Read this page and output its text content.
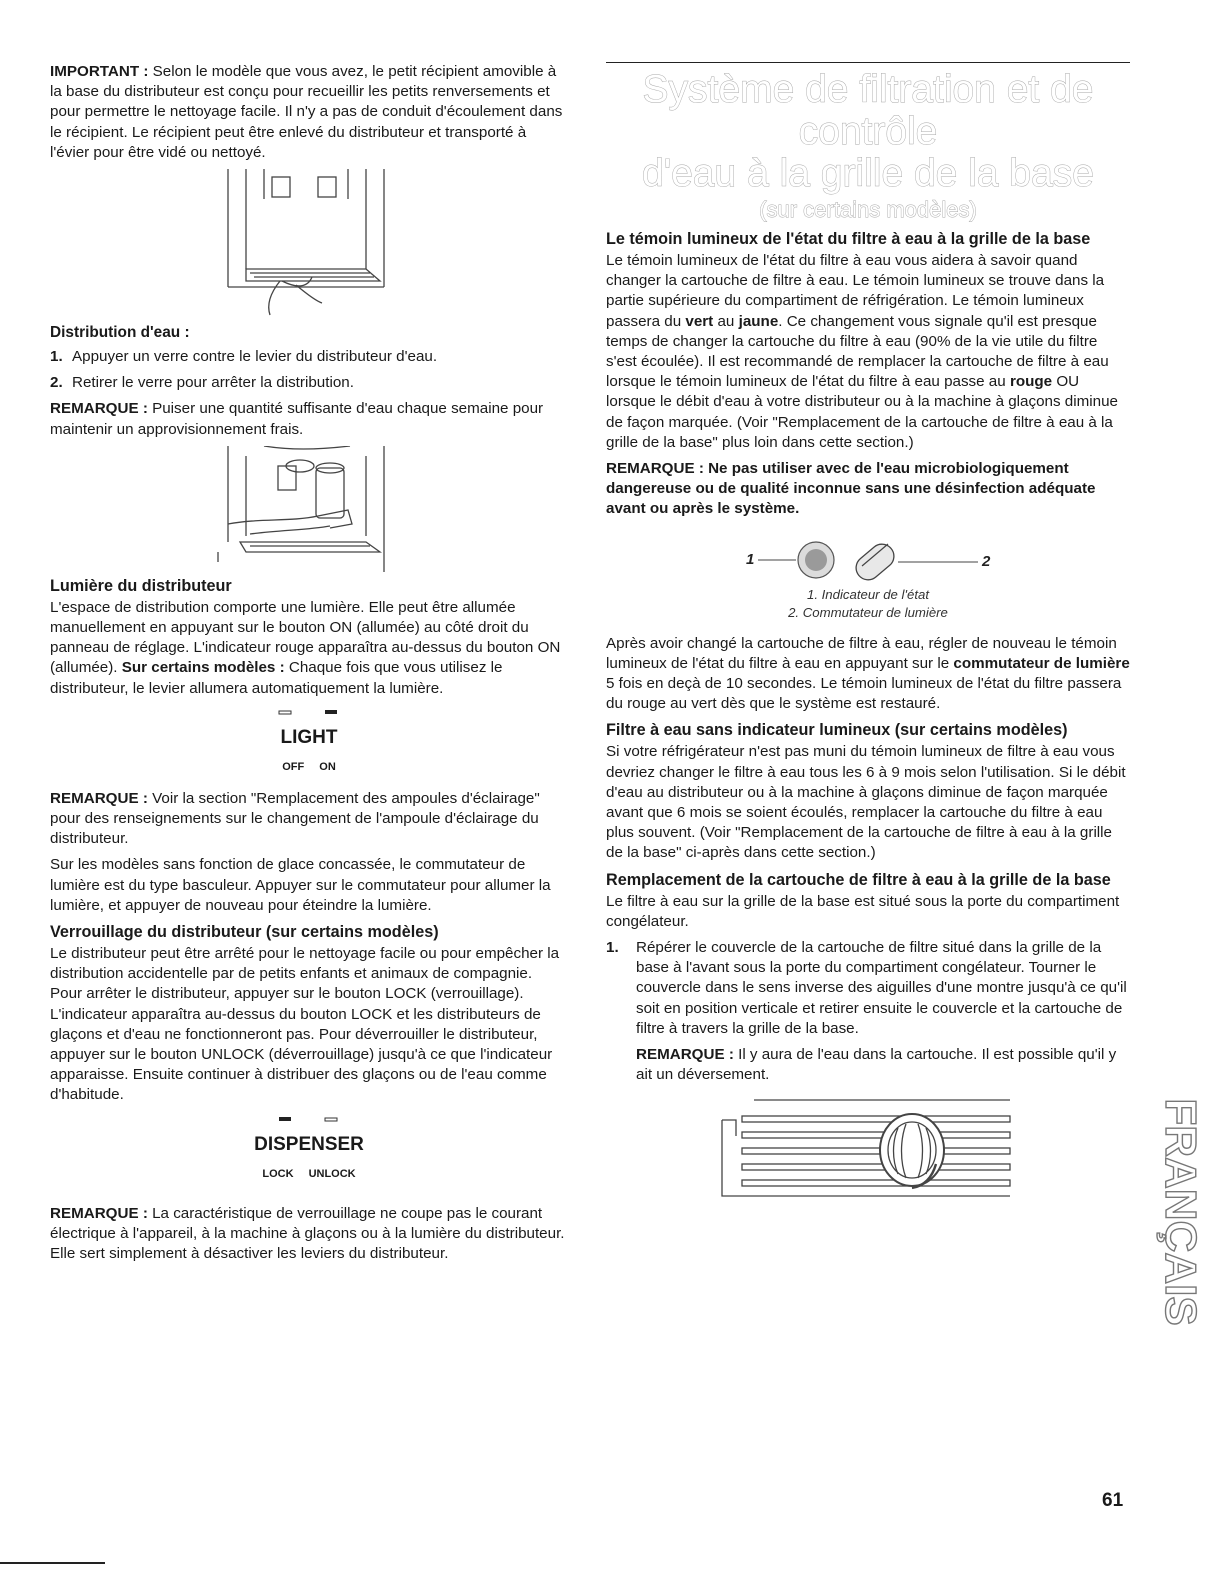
IMPORTANT : Selon le modèle que vous avez, le petit récipient amovible à la base du distributeur est conçu pour recueillir les petits renversements et pour permettre le nettoyage facile. Il n'y a pas de conduit d'écoulement dans le récipient. Le récipient peut être enlevé du distributeur et transporté à l'évier pour être vidé ou nettoyé.

Distribution d'eau :
1. Appuyer un verre contre le levier du distributeur d'eau.
2. Retirer le verre pour arrêter la distribution.

REMARQUE : Puiser une quantité suffisante d'eau chaque semaine pour maintenir un approvisionnement frais.

Lumière du distributeur

L'espace de distribution comporte une lumière. Elle peut être allumée manuellement en appuyant sur le bouton ON (allumée) au côté droit du panneau de réglage. L'indicateur rouge apparaîtra au-dessus du bouton ON (allumée). Sur certains modèles : Chaque fois que vous utilisez le distributeur, le levier allumera automatiquement la lumière.

LIGHT
OFF ON

REMARQUE : Voir la section "Remplacement des ampoules d'éclairage" pour des renseignements sur le changement de l'ampoule d'éclairage du distributeur.

Sur les modèles sans fonction de glace concassée, le commutateur de lumière est du type basculeur. Appuyer sur le commutateur pour allumer la lumière, et appuyer de nouveau pour éteindre la lumière.

Verrouillage du distributeur (sur certains modèles)

Le distributeur peut être arrêté pour le nettoyage facile ou pour empêcher la distribution accidentelle par de petits enfants et animaux de compagnie. Pour arrêter le distributeur, appuyer sur le bouton LOCK (verrouillage). L'indicateur apparaîtra au-dessus du bouton LOCK et les distributeurs de glaçons et d'eau ne fonctionneront pas. Pour déverrouiller le distributeur, appuyer sur le bouton UNLOCK (déverrouillage) jusqu'à ce que l'indicateur apparaisse. Ensuite continuer à distribuer des glaçons ou de l'eau comme d'habitude.

DISPENSER
LOCK UNLOCK

REMARQUE : La caractéristique de verrouillage ne coupe pas le courant électrique à l'appareil, à la machine à glaçons ou à la lumière du distributeur. Elle sert simplement à désactiver les leviers du distributeur.

Système de filtration et de contrôle
d'eau à la grille de la base
(sur certains modèles)
Le témoin lumineux de l'état du filtre à eau à la grille de la base

Le témoin lumineux de l'état du filtre à eau vous aidera à savoir quand changer la cartouche de filtre à eau. Le témoin lumineux se trouve dans la partie supérieure du compartiment de réfrigération. Le témoin lumineux passera du vert au jaune. Ce changement vous signale qu'il est presque temps de changer la cartouche du filtre à eau (90% de la vie utile du filtre s'est écoulée). Il est recommandé de remplacer la cartouche de filtre à eau lorsque le témoin lumineux de l'état du filtre à eau passe au rouge OU lorsque le débit d'eau à votre distributeur ou à la machine à glaçons diminue de façon marquée. (Voir "Remplacement de la cartouche de filtre à eau à la grille de la base" plus loin dans cette section.)

REMARQUE : Ne pas utiliser avec de l'eau microbiologiquement dangereuse ou de qualité inconnue sans une désinfection adéquate avant ou après le système.

1	2
1. Indicateur de l'état
2. Commutateur de lumière

Après avoir changé la cartouche de filtre à eau, régler de nouveau le témoin lumineux de l'état du filtre à eau en appuyant sur le commutateur de lumière 5 fois en deçà de 10 secondes. Le témoin lumineux de l'état du filtre passera du rouge au vert dès que le système est restauré.

Filtre à eau sans indicateur lumineux (sur certains modèles)

Si votre réfrigérateur n'est pas muni du témoin lumineux de filtre à eau vous devriez changer le filtre à eau tous les 6 à 9 mois selon l'utilisation. Si le débit d'eau au distributeur ou à la machine à glaçons diminue de façon marquée avant que 6 mois se soient écoulés, remplacer la cartouche du filtre à eau plus souvent. (Voir "Remplacement de la cartouche de filtre à eau à la grille de la base" ci-après dans cette section.)

Remplacement de la cartouche de filtre à eau à la grille de la base

Le filtre à eau sur la grille de la base est situé sous la porte du compartiment congélateur.

1. Répérer le couvercle de la cartouche de filtre situé dans la grille de la base à l'avant sous la porte du compartiment congélateur. Tourner le couvercle dans le sens inverse des aiguilles d'une montre jusqu'à ce qu'il soit en position verticale et retirer ensuite le couvercle et la cartouche de filtre à travers la grille de la base.
REMARQUE : Il y aura de l'eau dans la cartouche. Il est possible qu'il y ait un déversement.
FRANÇAIS
61
